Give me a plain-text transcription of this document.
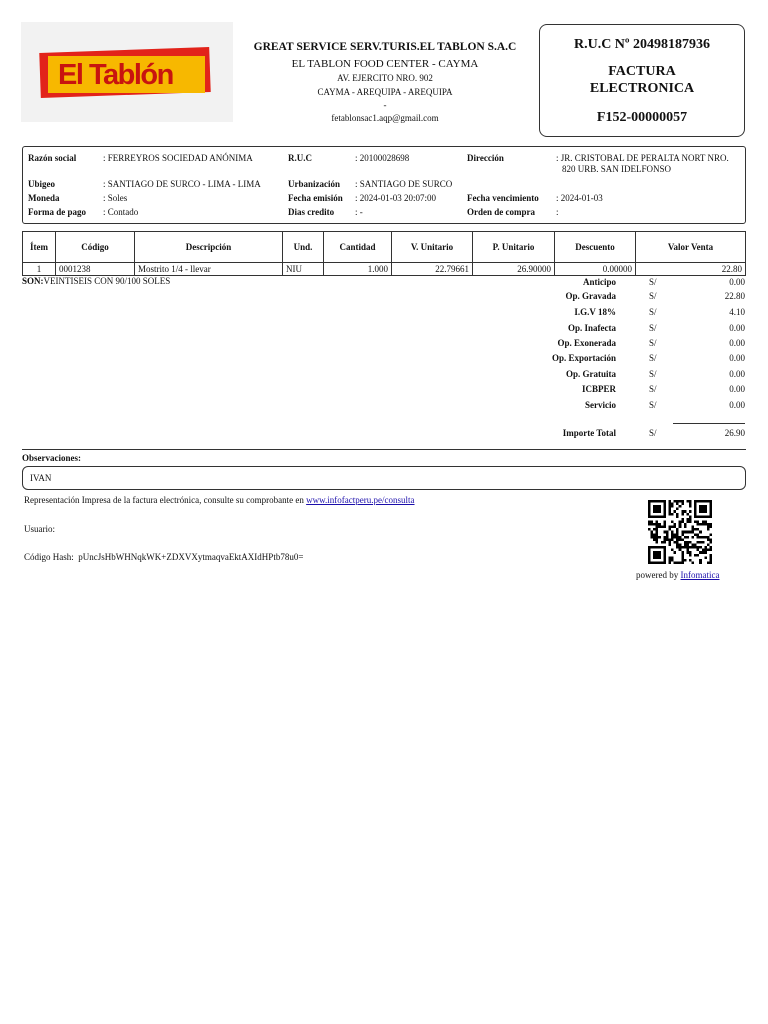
El Tablón
GREAT SERVICE SERV.TURIS.EL TABLON S.A.C
EL TABLON FOOD CENTER - CAYMA
AV. EJERCITO NRO. 902
CAYMA - AREQUIPA - AREQUIPA
-
fetablonsac1.aqp@gmail.com
R.U.C Nº 20498187936
FACTURA
ELECTRONICA
F152-00000057
Razón social	: FERREYROS SOCIEDAD ANÓNIMA	R.U.C	: 20100028698	Dirección	: JR. CRISTOBAL DE PERALTA NORT NRO.
820 URB. SAN IDELFONSO
Ubigeo	: SANTIAGO DE SURCO - LIMA - LIMA	Urbanización : SANTIAGO DE SURCO
Moneda	: Soles	Fecha emisión : 2024-01-03 20:07:00	Fecha vencimiento : 2024-01-03
Forma de pago : Contado	Dias credito : -	Orden de compra :
Ítem	Código	Descripción	Und.	Cantidad	V. Unitario	P. Unitario	Descuento	Valor Venta
1	0001238	Mostrito 1/4 - llevar	NIU	1.000	22.79661	26.90000	0.00000	22.80
SON:VEINTISEIS CON 90/100 SOLES	Anticipo	S/	0.00
Op. Gravada	S/	22.80
I.G.V 18%	S/	4.10
Op. Inafecta	S/	0.00
Op. Exonerada	S/	0.00
Op. Exportación	S/	0.00
Op. Gratuita	S/	0.00
ICBPER	S/	0.00
Servicio	S/	0.00
Importe Total	S/	26.90
Observaciones:
IVAN
Representación Impresa de la factura electrónica, consulte su comprobante en www.infofactperu.pe/consulta
Usuario:
Código Hash: pUncJsHbWHNqkWK+ZDXVXytmaqvaEktAXIdHPtb78u0=
powered by Infomatica
